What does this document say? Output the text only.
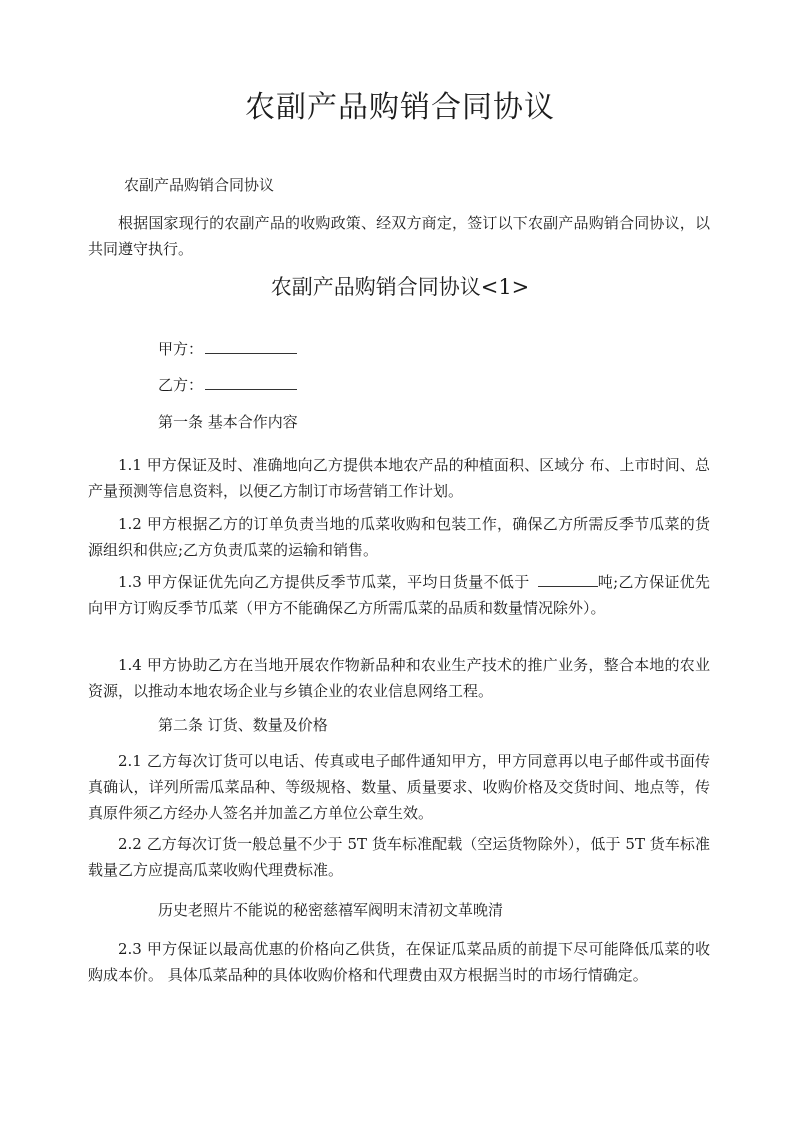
农副产品购销合同协议
农副产品购销合同协议

根据国家现行的农副产品的收购政策、经双方商定，签订以下农副产品购销合同协议，以共同遵守执行。

农副产品购销合同协议<1>
甲方：
乙方：
第一条 基本合作内容

1.1 甲方保证及时、准确地向乙方提供本地农产品的种植面积、区域分 布、上市时间、总产量预测等信息资料，以便乙方制订市场营销工作计划。

1.2 甲方根据乙方的订单负责当地的瓜菜收购和包装工作，确保乙方所需反季节瓜菜的货源组织和供应;乙方负责瓜菜的运输和销售。

1.3 甲方保证优先向乙方提供反季节瓜菜，平均日货量不低于	吨;乙方保证优先向甲方订购反季节瓜菜（甲方不能确保乙方所需瓜菜的品质和数量情况除外）。

1.4 甲方协助乙方在当地开展农作物新品种和农业生产技术的推广业务，整合本地的农业资源，以推动本地农场企业与乡镇企业的农业信息网络工程。

第二条 订货、数量及价格

2.1 乙方每次订货可以电话、传真或电子邮件通知甲方，甲方同意再以电子邮件或书面传真确认，详列所需瓜菜品种、等级规格、数量、质量要求、收购价格及交货时间、地点等，传真原件须乙方经办人签名并加盖乙方单位公章生效。

2.2 乙方每次订货一般总量不少于 5T 货车标准配载（空运货物除外），低于 5T 货车标准载量乙方应提高瓜菜收购代理费标准。

历史老照片不能说的秘密慈禧军阀明末清初文革晚清

2.3 甲方保证以最高优惠的价格向乙供货，在保证瓜菜品质的前提下尽可能降低瓜菜的收购成本价。 具体瓜菜品种的具体收购价格和代理费由双方根据当时的市场行情确定。
